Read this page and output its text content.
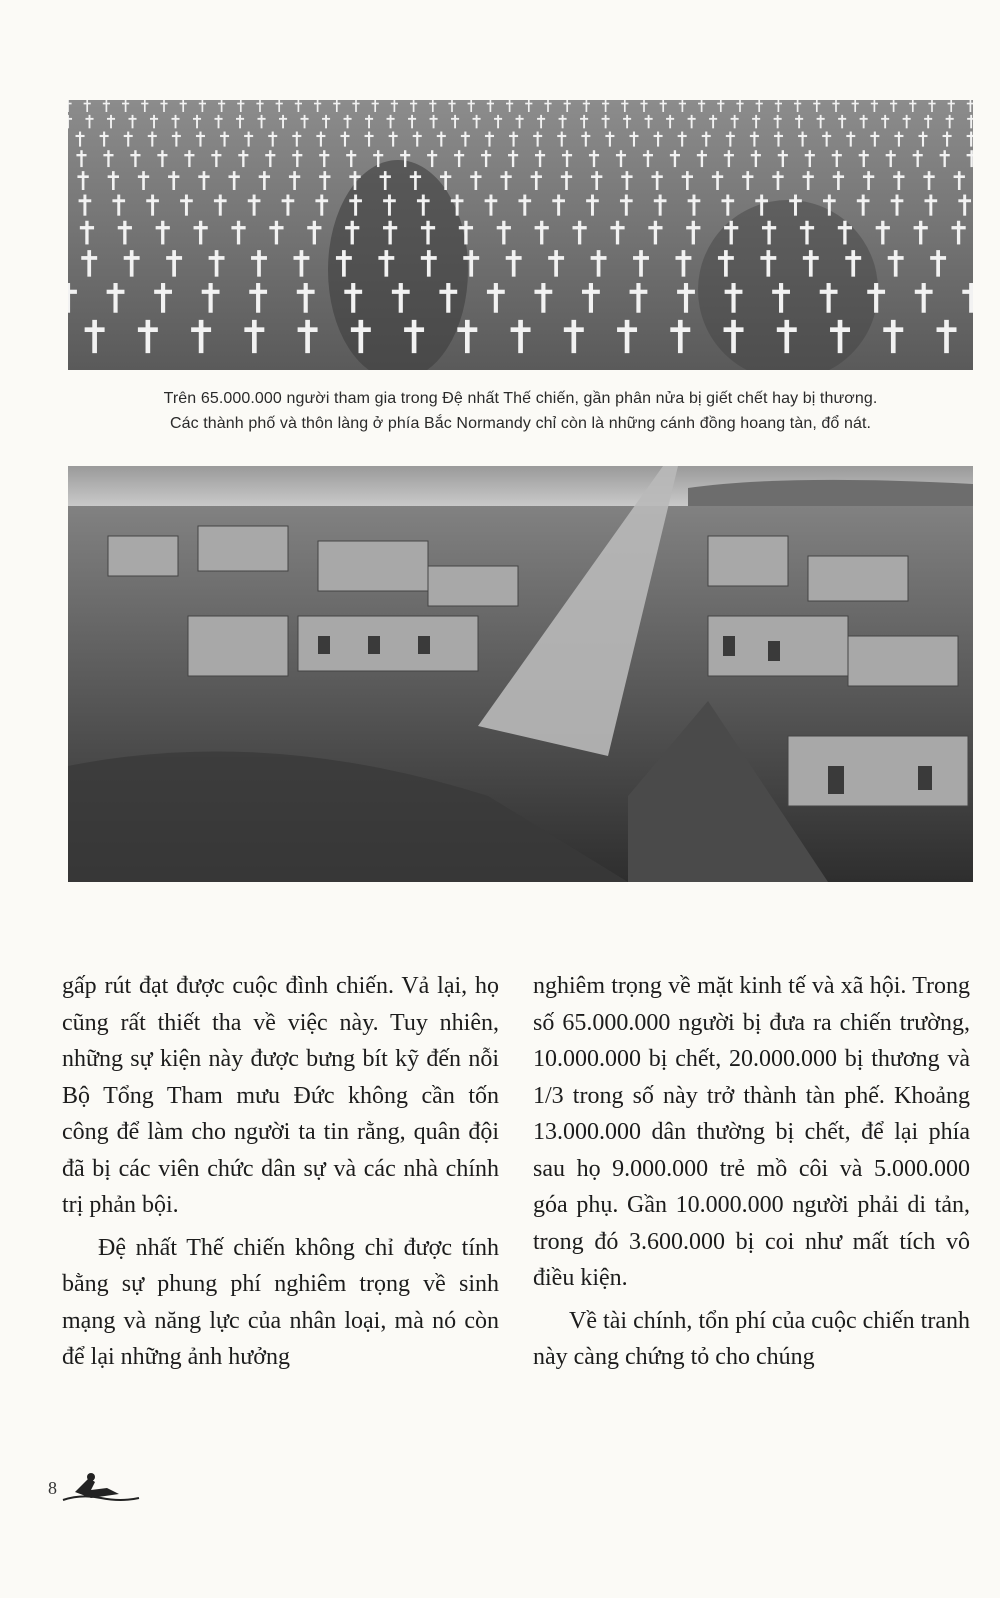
Trên 65.000.000 người tham gia trong Đệ nhất Thế chiến, gần phân nửa bị giết chết hay bị thương.

Các thành phố và thôn làng ở phía Bắc Normandy chỉ còn là những cánh đồng hoang tàn, đổ nát.

gấp rút đạt được cuộc đình chiến. Vả lại, họ cũng rất thiết tha về việc này. Tuy nhiên, những sự kiện này được bưng bít kỹ đến nỗi Bộ Tổng Tham mưu Đức không cần tốn công để làm cho người ta tin rằng, quân đội đã bị các viên chức dân sự và các nhà chính trị phản bội.

Đệ nhất Thế chiến không chỉ được tính bằng sự phung phí nghiêm trọng về sinh mạng và năng lực của nhân loại, mà nó còn để lại những ảnh hưởng

nghiêm trọng về mặt kinh tế và xã hội. Trong số 65.000.000 người bị đưa ra chiến trường, 10.000.000 bị chết, 20.000.000 bị thương và 1/3 trong số này trở thành tàn phế. Khoảng 13.000.000 dân thường bị chết, để lại phía sau họ 9.000.000 trẻ mồ côi và 5.000.000 góa phụ. Gần 10.000.000 người phải di tản, trong đó 3.600.000 bị coi như mất tích vô điều kiện.

Về tài chính, tổn phí của cuộc chiến tranh này càng chứng tỏ cho chúng

8
